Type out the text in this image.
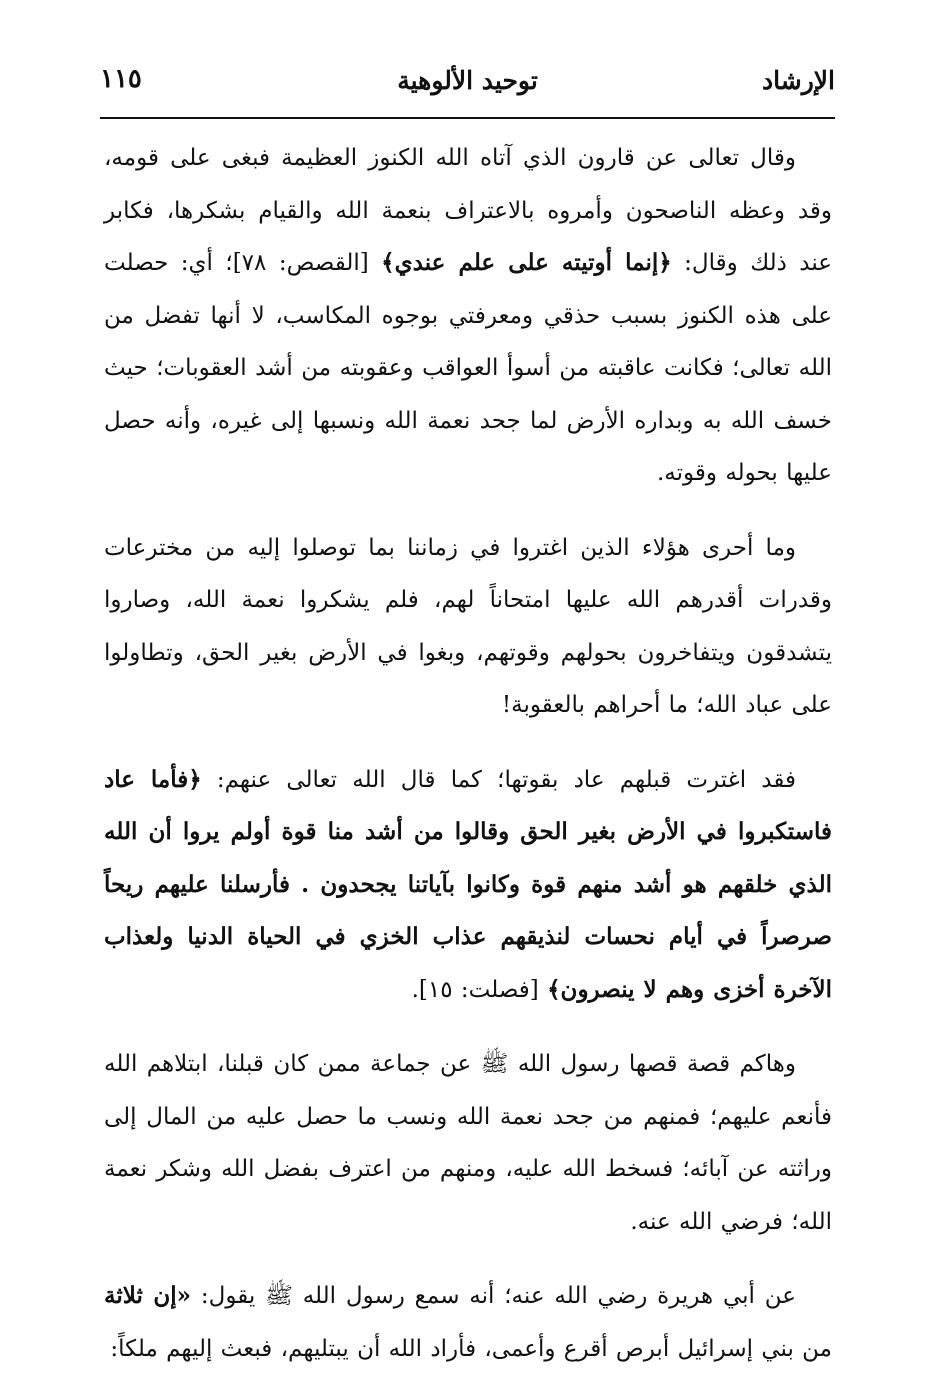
الإرشاد
توحيد الألوهية
١١٥

وقال تعالى عن قارون الذي آتاه الله الكنوز العظيمة فبغى على قومه، وقد وعظه الناصحون وأمروه بالاعتراف بنعمة الله والقيام بشكرها، فكابر عند ذلك وقال: ﴿إنما أوتيته على علم عندي﴾ [القصص: ٧٨]؛ أي: حصلت على هذه الكنوز بسبب حذقي ومعرفتي بوجوه المكاسب، لا أنها تفضل من الله تعالى؛ فكانت عاقبته من أسوأ العواقب وعقوبته من أشد العقوبات؛ حيث خسف الله به وبداره الأرض لما جحد نعمة الله ونسبها إلى غيره، وأنه حصل عليها بحوله وقوته.

وما أحرى هؤلاء الذين اغتروا في زماننا بما توصلوا إليه من مخترعات وقدرات أقدرهم الله عليها امتحاناً لهم، فلم يشكروا نعمة الله، وصاروا يتشدقون ويتفاخرون بحولهم وقوتهم، وبغوا في الأرض بغير الحق، وتطاولوا على عباد الله؛ ما أحراهم بالعقوبة!

فقد اغترت قبلهم عاد بقوتها؛ كما قال الله تعالى عنهم: ﴿فأما عاد فاستكبروا في الأرض بغير الحق وقالوا من أشد منا قوة أولم يروا أن الله الذي خلقهم هو أشد منهم قوة وكانوا بآياتنا يجحدون . فأرسلنا عليهم ريحاً صرصراً في أيام نحسات لنذيقهم عذاب الخزي في الحياة الدنيا ولعذاب الآخرة أخزى وهم لا ينصرون﴾ [فصلت: ١٥].

وهاكم قصة قصها رسول الله ﷺ عن جماعة ممن كان قبلنا، ابتلاهم الله فأنعم عليهم؛ فمنهم من جحد نعمة الله ونسب ما حصل عليه من المال إلى وراثته عن آبائه؛ فسخط الله عليه، ومنهم من اعترف بفضل الله وشكر نعمة الله؛ فرضي الله عنه.

عن أبي هريرة رضي الله عنه؛ أنه سمع رسول الله ﷺ يقول: «إن ثلاثة من بني إسرائيل أبرص أقرع وأعمى، فأراد الله أن يبتليهم، فبعث إليهم ملكاً:
